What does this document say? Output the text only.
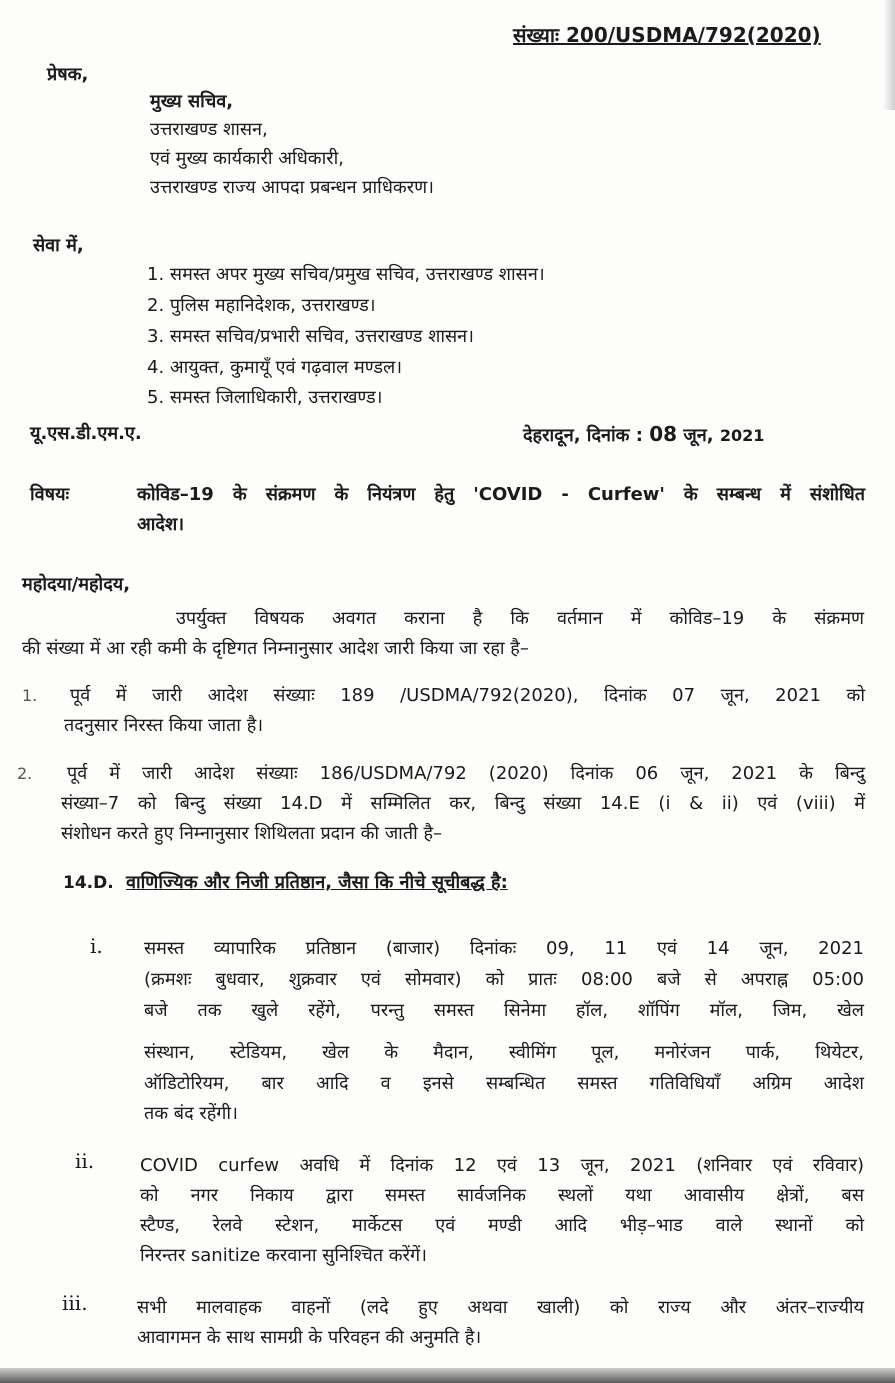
संख्याः 200/USDMA/792(2020)
प्रेषक,
मुख्य सचिव,
उत्तराखण्ड शासन,
एवं मुख्य कार्यकारी अधिकारी,
उत्तराखण्ड राज्य आपदा प्रबन्धन प्राधिकरण।
सेवा में,
1. समस्त अपर मुख्य सचिव/प्रमुख सचिव, उत्तराखण्ड शासन।
2. पुलिस महानिदेशक, उत्तराखण्ड।
3. समस्त सचिव/प्रभारी सचिव, उत्तराखण्ड शासन।
4. आयुक्त, कुमायूँ एवं गढ़वाल मण्डल।
5. समस्त जिलाधिकारी, उत्तराखण्ड।
यू.एस.डी.एम.ए.	देहरादून, दिनांक : 08 जून, 2021
विषयः	कोविड–19 के संक्रमण के नियंत्रण हेतु 'COVID - Curfew' के सम्बन्ध में संशोधित
आदेश।
महोदया/महोदय,
उपर्युक्त विषयक अवगत कराना है कि वर्तमान में कोविड–19 के संक्रमण
की संख्या में आ रही कमी के दृष्टिगत निम्नानुसार आदेश जारी किया जा रहा है–
1. पूर्व में जारी आदेश संख्याः 189 /USDMA/792(2020), दिनांक 07 जून, 2021 को
तदनुसार निरस्त किया जाता है।
2. पूर्व में जारी आदेश संख्याः 186/USDMA/792 (2020) दिनांक 06 जून, 2021 के बिन्दु
संख्या–7 को बिन्दु संख्या 14.D में सम्मिलित कर, बिन्दु संख्या 14.E (i & ii) एवं (viii) में
संशोधन करते हुए निम्नानुसार शिथिलता प्रदान की जाती है–
14.D. वाणिज्यिक और निजी प्रतिष्ठान, जैसा कि नीचे सूचीबद्ध है:
i. समस्त व्यापारिक प्रतिष्ठान (बाजार) दिनांकः 09, 11 एवं 14 जून, 2021
(क्रमशः बुधवार, शुक्रवार एवं सोमवार) को प्रातः 08:00 बजे से अपराह्न 05:00
बजे तक खुले रहेंगे, परन्तु समस्त सिनेमा हॉल, शॉपिंग मॉल, जिम, खेल
संस्थान, स्टेडियम, खेल के मैदान, स्वीमिंग पूल, मनोरंजन पार्क, थियेटर,
ऑडिटोरियम, बार आदि व इनसे सम्बन्धित समस्त गतिविधियाँ अग्रिम आदेश
तक बंद रहेंगी।
ii.	COVID curfew अवधि में दिनांक 12 एवं 13 जून, 2021 (शनिवार एवं रविवार)
को नगर निकाय द्वारा समस्त सार्वजनिक स्थलों यथा आवासीय क्षेत्रों, बस
स्टैण्ड, रेलवे स्टेशन, मार्केटस एवं मण्डी आदि भीड़–भाड वाले स्थानों को
निरन्तर sanitize करवाना सुनिश्चित करेंगें।
iii.	सभी मालवाहक वाहनों (लदे हुए अथवा खाली) को राज्य और अंतर–राज्यीय
आवागमन के साथ सामग्री के परिवहन की अनुमति है।
